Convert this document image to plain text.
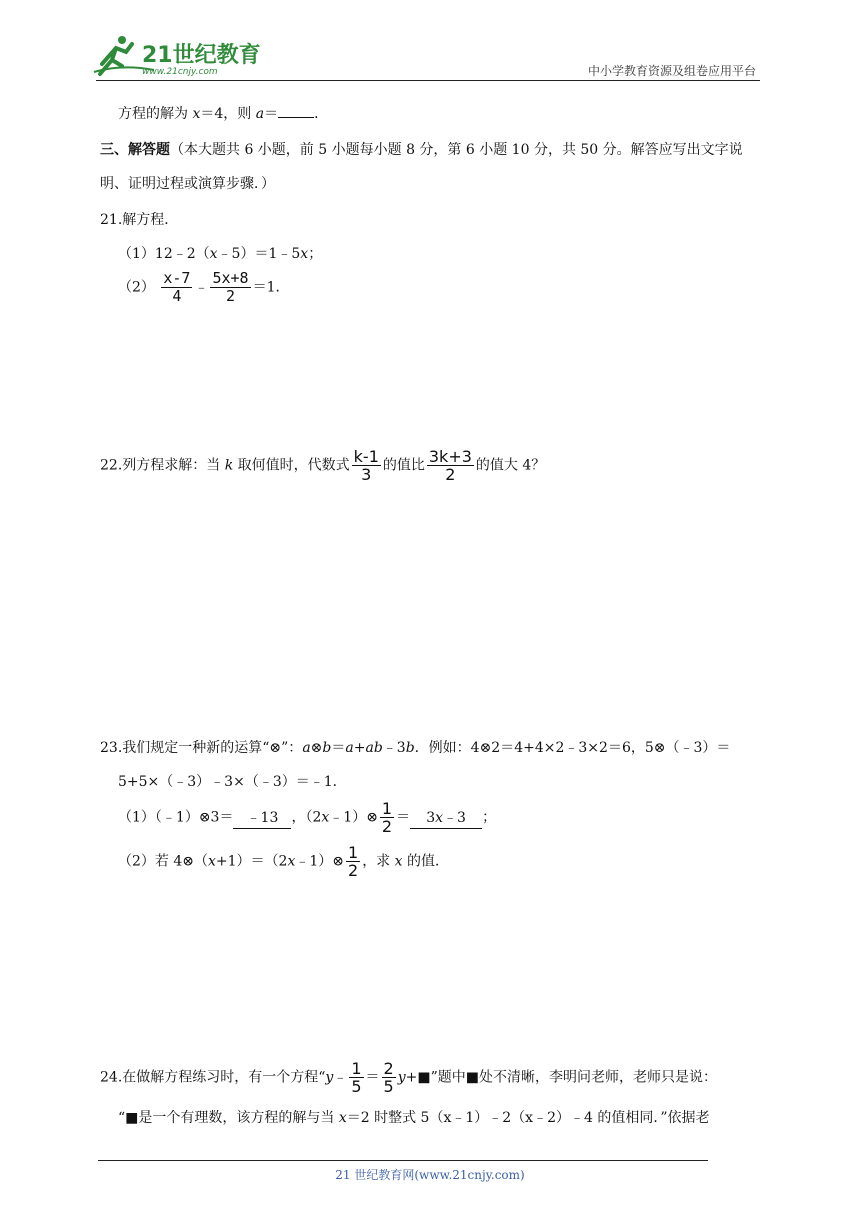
21世纪教育
www.21cnjy.com	中小学教育资源及组卷应用平台
方程的解为 x＝4，则 a＝	．
三、解答题（本大题共 6 小题，前 5 小题每小题 8 分，第 6 小题 10 分，共 50 分。解答应写出文字说
明、证明过程或演算步骤．）
21.解方程．
（1）12﹣2（x﹣5）＝1﹣5x；
$(2) \frac{x-7}{4}$ ﹣ $\frac{5x+8}{2} =1$．
22.列方程求解：当 k 取何值时，代数式 $\frac{k-1}{3}$ 的值比 $\frac{3k+3}{2}$ 的值大 4？
23.我们规定一种新的运算“⊗”：a⊗b＝a+ab﹣3b．例如：4⊗2＝4+4×2﹣3×2＝6，5⊗（﹣3）＝
5+5×（﹣3）﹣3×（﹣3）＝﹣1．
（1）（﹣1）⊗3＝ ﹣13 ，（2x﹣1）⊗ $\frac{1}{2}$ ＝ 3x﹣3 ；
（2）若 4⊗（x+1）＝（2x﹣1）⊗ $\frac{1}{2}$ ，求 x 的值．
24.在做解方程练习时，有一个方程“y﹣ $\frac{1}{5} = \frac{2}{5}$ y+■”题中■处不清晰，李明问老师，老师只是说：
“■是一个有理数，该方程的解与当 x＝2 时整式 5（x﹣1）﹣2（x﹣2）﹣4 的值相同．”依据老
21 世纪教育网(www.21cnjy.com)
